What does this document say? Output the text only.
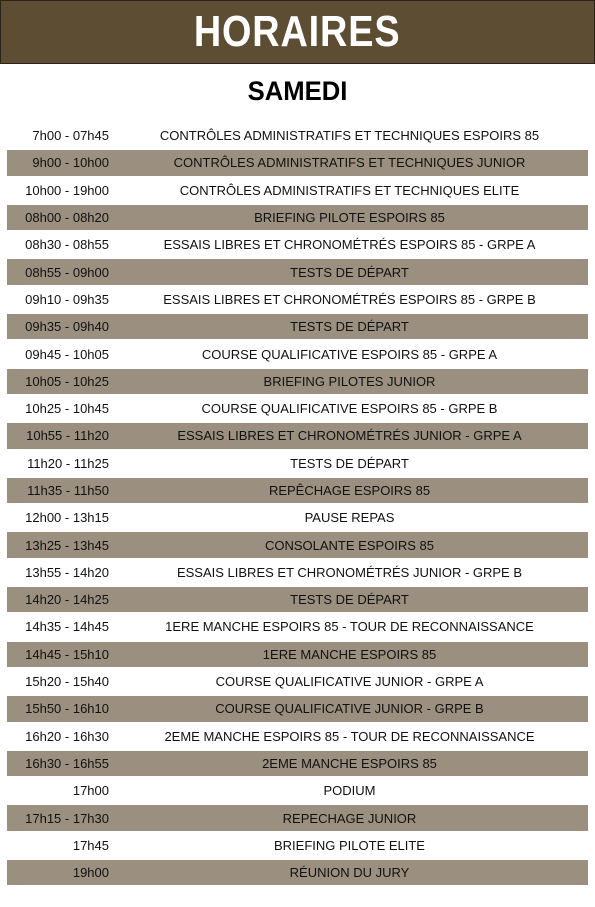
HORAIRES
SAMEDI
7h00 - 07h45	CONTRÔLES ADMINISTRATIFS ET TECHNIQUES ESPOIRS 85
9h00 - 10h00	CONTRÔLES ADMINISTRATIFS ET TECHNIQUES JUNIOR
10h00 - 19h00	CONTRÔLES ADMINISTRATIFS ET TECHNIQUES ELITE
08h00 - 08h20	BRIEFING PILOTE ESPOIRS 85
08h30 - 08h55	ESSAIS LIBRES ET CHRONOMÉTRÉS ESPOIRS 85 - GRPE A
08h55 - 09h00	TESTS DE DÉPART
09h10 - 09h35	ESSAIS LIBRES ET CHRONOMÉTRÉS ESPOIRS 85 - GRPE B
09h35 - 09h40	TESTS DE DÉPART
09h45 - 10h05	COURSE QUALIFICATIVE ESPOIRS 85 - GRPE A
10h05 - 10h25	BRIEFING PILOTES JUNIOR
10h25 - 10h45	COURSE QUALIFICATIVE ESPOIRS 85 - GRPE B
10h55 - 11h20	ESSAIS LIBRES ET CHRONOMÉTRÉS JUNIOR - GRPE A
11h20 - 11h25	TESTS DE DÉPART
11h35 - 11h50	REPÊCHAGE ESPOIRS 85
12h00 - 13h15	PAUSE REPAS
13h25 - 13h45	CONSOLANTE ESPOIRS 85
13h55 - 14h20	ESSAIS LIBRES ET CHRONOMÉTRÉS JUNIOR - GRPE B
14h20 - 14h25	TESTS DE DÉPART
14h35 - 14h45	1ERE MANCHE ESPOIRS 85 - TOUR DE RECONNAISSANCE
14h45 - 15h10	1ERE MANCHE ESPOIRS 85
15h20 - 15h40	COURSE QUALIFICATIVE JUNIOR - GRPE A
15h50 - 16h10	COURSE QUALIFICATIVE JUNIOR - GRPE B
16h20 - 16h30	2EME MANCHE ESPOIRS 85 - TOUR DE RECONNAISSANCE
16h30 - 16h55	2EME MANCHE ESPOIRS 85
17h00	PODIUM
17h15 - 17h30	REPECHAGE JUNIOR
17h45	BRIEFING PILOTE ELITE
19h00	RÉUNION DU JURY
